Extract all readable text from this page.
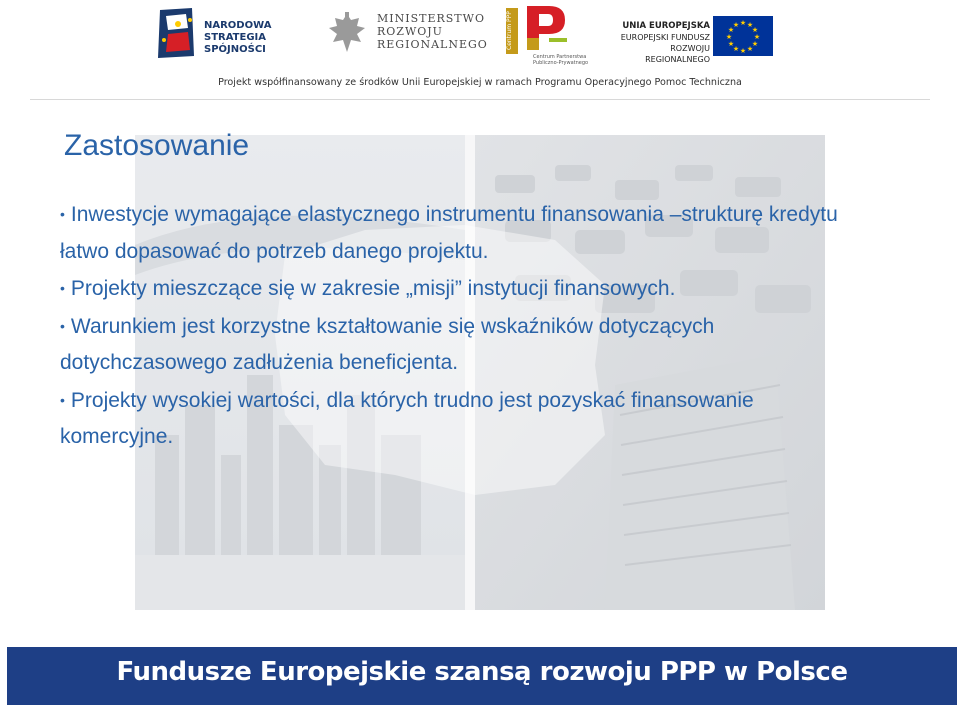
NARODOWA
STRATEGIA SPÓJNOŚCI
MINISTERSTWO
ROZWOJU
REGIONALNEGO	Centrum PPP
Centrum Partnerstwa
Publiczno-Prywatnego
UNIA EUROPEJSKA
EUROPEJSKI FUNDUSZ
ROZWOJU REGIONALNEGO
★ ★
★
★
★
★
★
★
★
★
★
★
Projekt współfinansowany ze środków Unii Europejskiej w ramach Programu Operacyjnego Pomoc Techniczna
Zastosowanie

• Inwestycje wymagające elastycznego instrumentu finansowania –strukturę kredytu łatwo dopasować do potrzeb danego projektu.

• Projekty mieszczące się w zakresie „misji” instytucji finansowych.

• Warunkiem jest korzystne kształtowanie się wskaźników dotyczących dotychczasowego zadłużenia beneficjenta.

• Projekty wysokiej wartości, dla których trudno jest pozyskać finansowanie komercyjne.

Fundusze Europejskie szansą rozwoju PPP w Polsce
